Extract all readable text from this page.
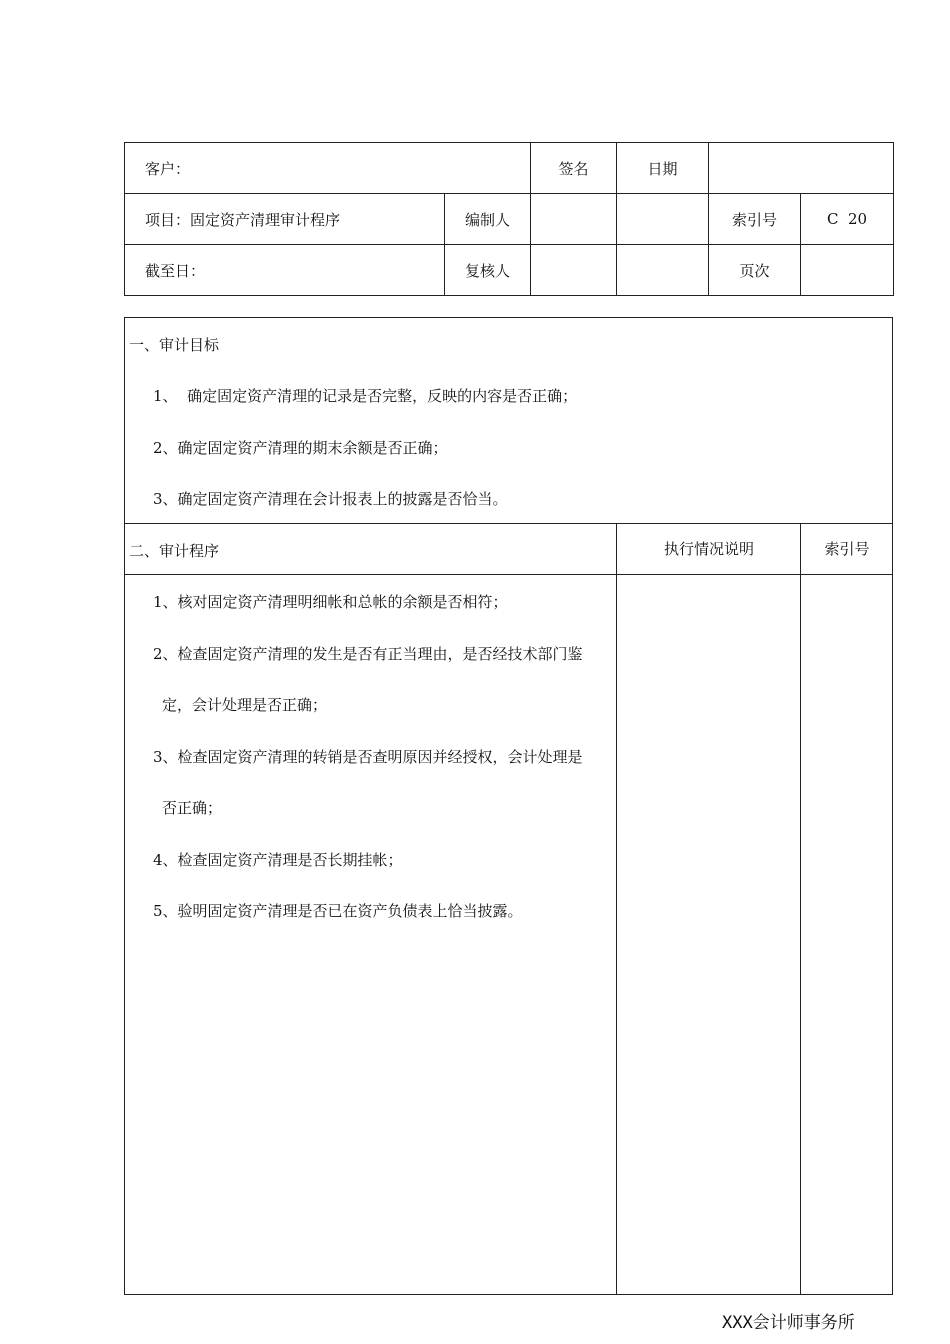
客户：		签名	日期		
项目：固定资产清理审计程序	编制人			索引号	C  20
截至日：	复核人			页次	
一、审计目标
1、  确定固定资产清理的记录是否完整，反映的内容是否正确；
2、确定固定资产清理的期末余额是否正确；
3、确定固定资产清理在会计报表上的披露是否恰当。
二、审计程序	执行情况说明	索引号
1、核对固定资产清理明细帐和总帐的余额是否相符；
2、检查固定资产清理的发生是否有正当理由，是否经技术部门鉴
定，会计处理是否正确；
3、检查固定资产清理的转销是否查明原因并经授权，会计处理是
否正确；
4、检查固定资产清理是否长期挂帐；
5、验明固定资产清理是否已在资产负债表上恰当披露。
XXX会计师事务所
